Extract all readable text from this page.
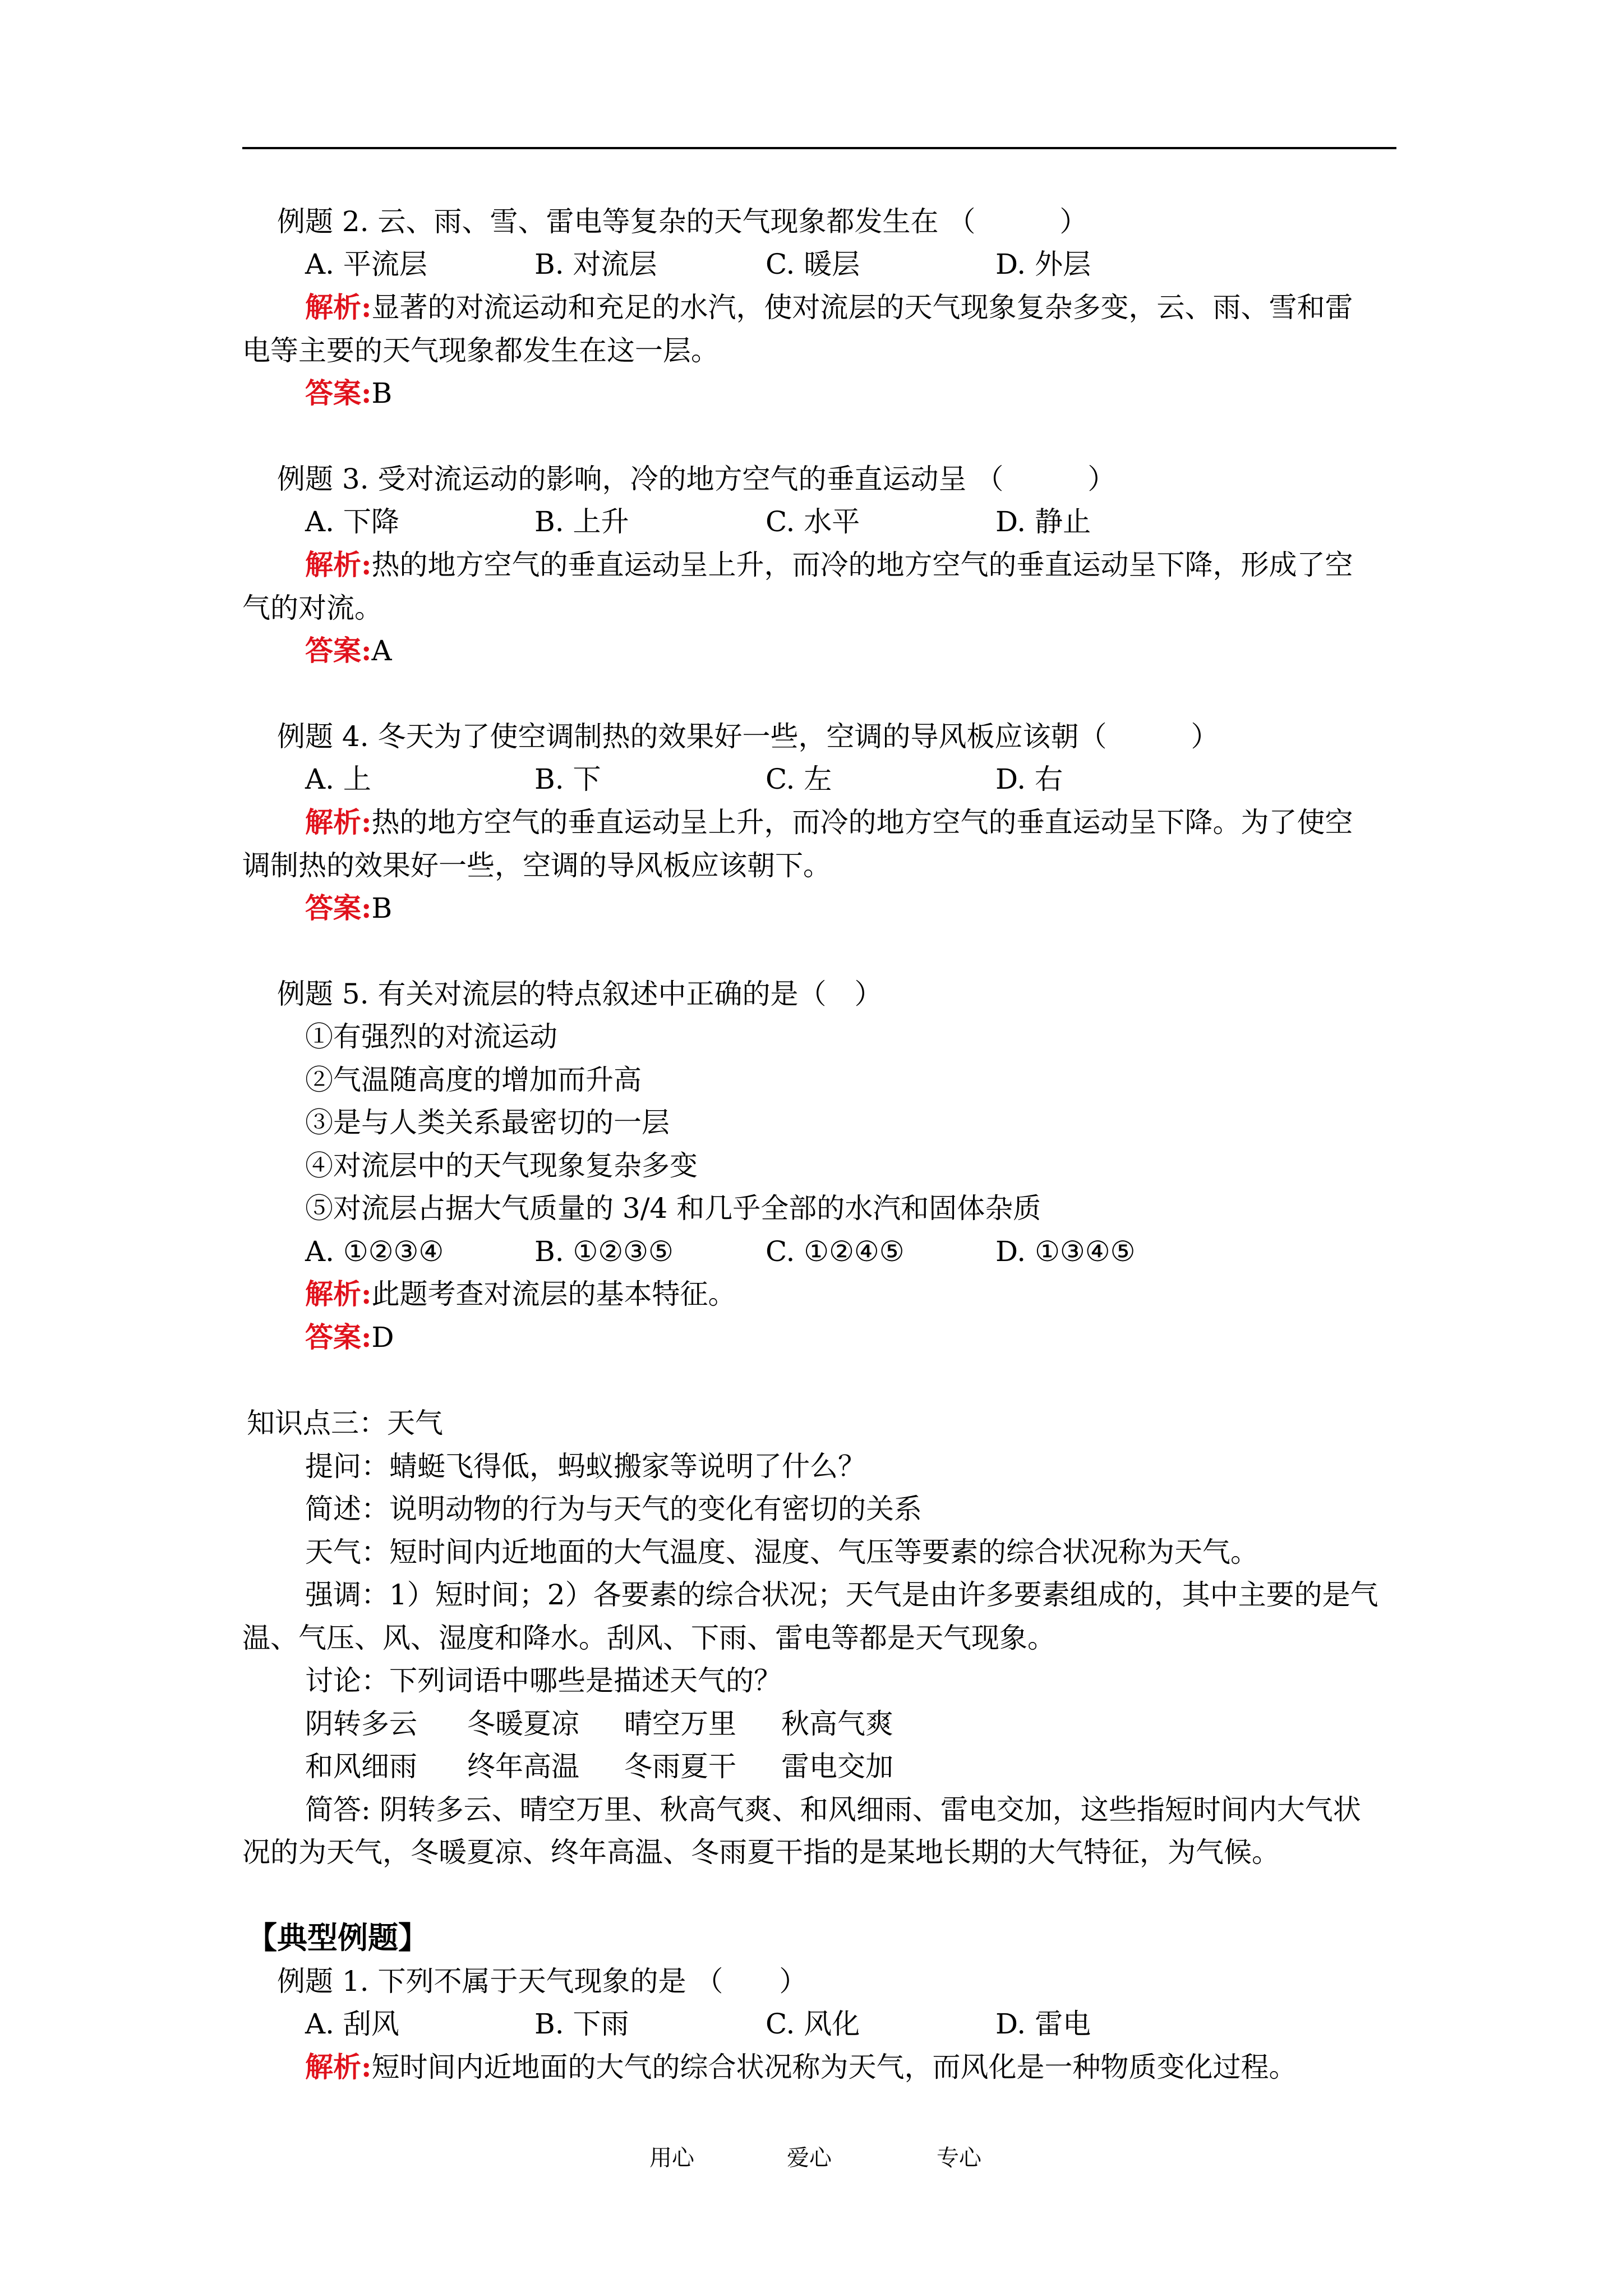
例题 2. 云、雨、雪、雷电等复杂的天气现象都发生在 （　　　）
A. 平流层	B. 对流层	C. 暖层	D. 外层
解析:显著的对流运动和充足的水汽，使对流层的天气现象复杂多变，云、雨、雪和雷
电等主要的天气现象都发生在这一层。
答案:B
例题 3. 受对流运动的影响，冷的地方空气的垂直运动呈 （　　　）
A. 下降	B. 上升	C. 水平	D. 静止
解析:热的地方空气的垂直运动呈上升，而冷的地方空气的垂直运动呈下降，形成了空
气的对流。
答案:A
例题 4. 冬天为了使空调制热的效果好一些，空调的导风板应该朝（　　　）
A. 上	B. 下	C. 左	D. 右
解析:热的地方空气的垂直运动呈上升，而冷的地方空气的垂直运动呈下降。为了使空
调制热的效果好一些，空调的导风板应该朝下。
答案:B
例题 5. 有关对流层的特点叙述中正确的是（　）
①有强烈的对流运动
②气温随高度的增加而升高
③是与人类关系最密切的一层
④对流层中的天气现象复杂多变
⑤对流层占据大气质量的 3/4 和几乎全部的水汽和固体杂质
A. ①②③④	B. ①②③⑤	C. ①②④⑤	D. ①③④⑤
解析:此题考查对流层的基本特征。
答案:D
知识点三：天气
提问：蜻蜓飞得低，蚂蚁搬家等说明了什么？
简述：说明动物的行为与天气的变化有密切的关系
天气：短时间内近地面的大气温度、湿度、气压等要素的综合状况称为天气。
强调：1）短时间；2）各要素的综合状况；天气是由许多要素组成的，其中主要的是气
温、气压、风、湿度和降水。刮风、下雨、雷电等都是天气现象。
讨论：下列词语中哪些是描述天气的？
阴转多云 冬暖夏凉 晴空万里 秋高气爽
和风细雨 终年高温 冬雨夏干 雷电交加
简答: 阴转多云、晴空万里、秋高气爽、和风细雨、雷电交加，这些指短时间内大气状
况的为天气，冬暖夏凉、终年高温、冬雨夏干指的是某地长期的大气特征，为气候。
【典型例题】
例题 1. 下列不属于天气现象的是 （　　）
A. 刮风	B. 下雨	C. 风化	D. 雷电
解析:短时间内近地面的大气的综合状况称为天气，而风化是一种物质变化过程。
用心	爱心	专心
